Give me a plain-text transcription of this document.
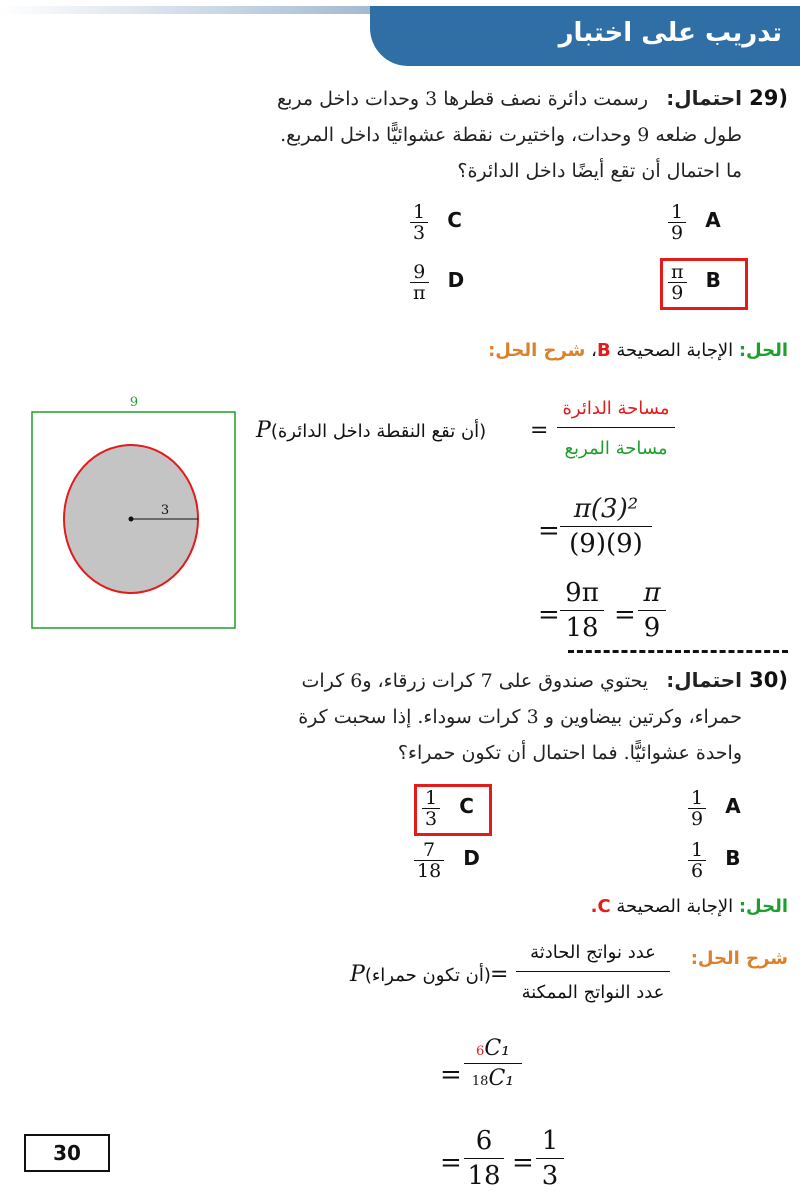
تدريب على اختبار
29)
احتمال:
رسمت دائرة نصف قطرها 3 وحدات داخل مربع
طول ضلعه 9 وحدات، واختيرت نقطة عشوائيًّا داخل المربع.
ما احتمال أن تقع أيضًا داخل الدائرة؟
$\frac{1}{9}$ A
$\frac{1}{3}$ C
$\frac{\pi}{9}$ B
$\frac{9}{\pi}$ D
الحل: الإجابة الصحيحة B، شرح الحل:
9
3
P(أن تقع النقطة داخل الدائرة) =
مساحة الدائرة
مساحة المربع
=
π(3)²
(9)(9)
=
9π
18 =
π
9
30)
احتمال:
يحتوي صندوق على 7 كرات زرقاء، و6 كرات
حمراء، وكرتين بيضاوين و 3 كرات سوداء. إذا سحبت كرة
واحدة عشوائيًّا. فما احتمال أن تكون حمراء؟
$\frac{1}{3}$ C	$\frac{1}{9}$ A
$\frac{7}{18}$ D	$\frac{1}{6}$ B
الحل: الإجابة الصحيحة C.
شرح الحل:
P(أن تكون حمراء) =
عدد نواتج الحادثة
عدد النواتج الممكنة
=
6C₁
18C₁
=
6
18 =
1
3
30
